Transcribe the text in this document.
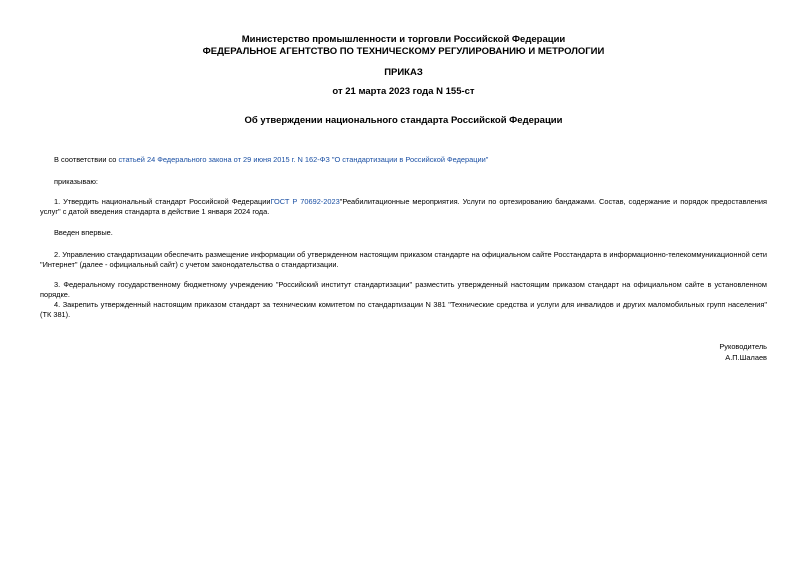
Министерство промышленности и торговли Российской Федерации
ФЕДЕРАЛЬНОЕ АГЕНТСТВО ПО ТЕХНИЧЕСКОМУ РЕГУЛИРОВАНИЮ И МЕТРОЛОГИИ
ПРИКАЗ
от 21 марта 2023 года N 155-ст
Об утверждении национального стандарта Российской Федерации
В соответствии со статьей 24 Федерального закона от 29 июня 2015 г. N 162-ФЗ "О стандартизации в Российской Федерации"
приказываю:
1. Утвердить национальный стандарт Российской ФедерацииГОСТ Р 70692-2023"Реабилитационные мероприятия. Услуги по ортезированию бандажами. Состав, содержание и порядок предоставления услуг" с датой введения стандарта в действие 1 января 2024 года.
Введен впервые.
2. Управлению стандартизации обеспечить размещение информации об утвержденном настоящим приказом стандарте на официальном сайте Росстандарта в информационно-телекоммуникационной сети "Интернет" (далее - официальный сайт) с учетом законодательства о стандартизации.
3. Федеральному государственному бюджетному учреждению "Российский институт стандартизации" разместить утвержденный настоящим приказом стандарт на официальном сайте в установленном порядке.
4. Закрепить утвержденный настоящим приказом стандарт за техническим комитетом по стандартизации N 381 "Технические средства и услуги для инвалидов и других маломобильных групп населения" (ТК 381).
Руководитель
А.П.Шалаев
